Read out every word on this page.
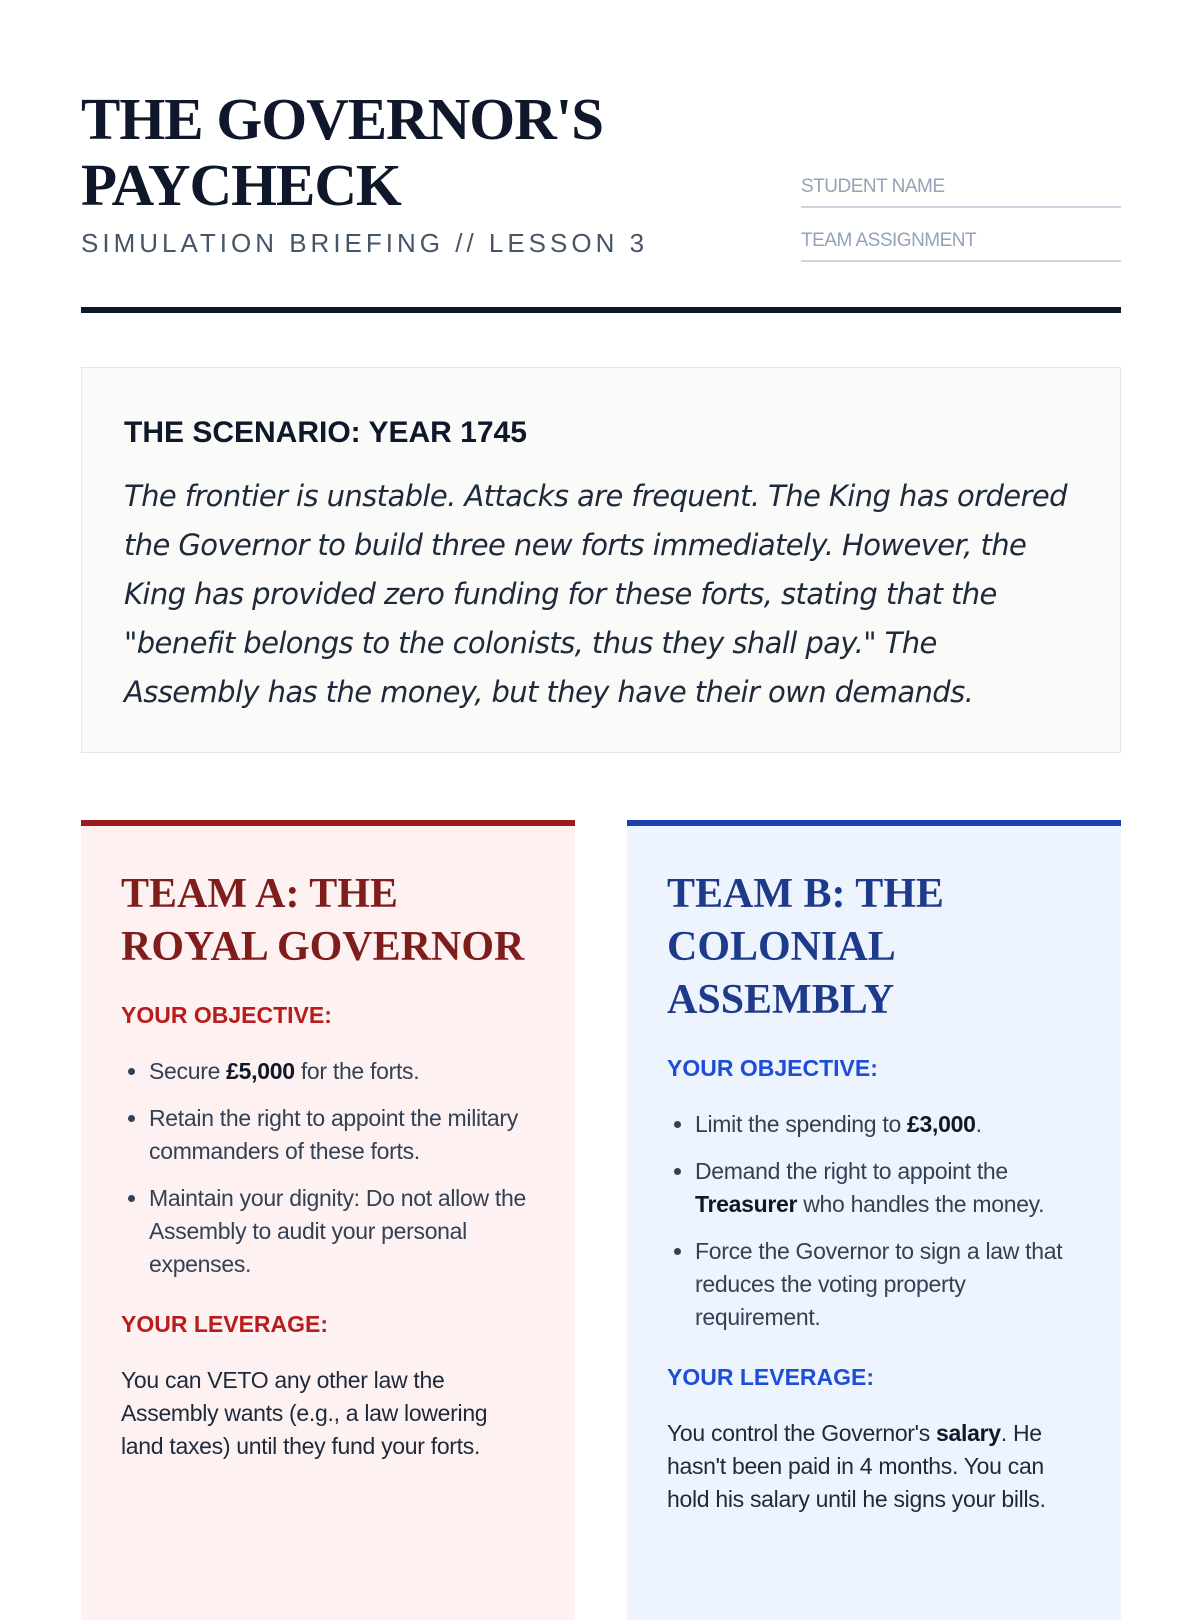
THE GOVERNOR'S PAYCHECK
SIMULATION BRIEFING // LESSON 3
STUDENT NAME
TEAM ASSIGNMENT
THE SCENARIO: YEAR 1745

The frontier is unstable. Attacks are frequent. The King has ordered the Governor to build three new forts immediately. However, the King has provided zero funding for these forts, stating that the "benefit belongs to the colonists, thus they shall pay." The Assembly has the money, but they have their own demands.

TEAM A: THE ROYAL GOVERNOR
YOUR OBJECTIVE:
• Secure £5,000 for the forts.
• Retain the right to appoint the military commanders of these forts.
• Maintain your dignity: Do not allow the Assembly to audit your personal expenses.
YOUR LEVERAGE:

You can VETO any other law the Assembly wants (e.g., a law lowering land taxes) until they fund your forts.

TEAM B: THE COLONIAL ASSEMBLY
YOUR OBJECTIVE:
• Limit the spending to £3,000.
• Demand the right to appoint the Treasurer who handles the money.
• Force the Governor to sign a law that reduces the voting property requirement.
YOUR LEVERAGE:

You control the Governor's salary. He hasn't been paid in 4 months. You can hold his salary until he signs your bills.
